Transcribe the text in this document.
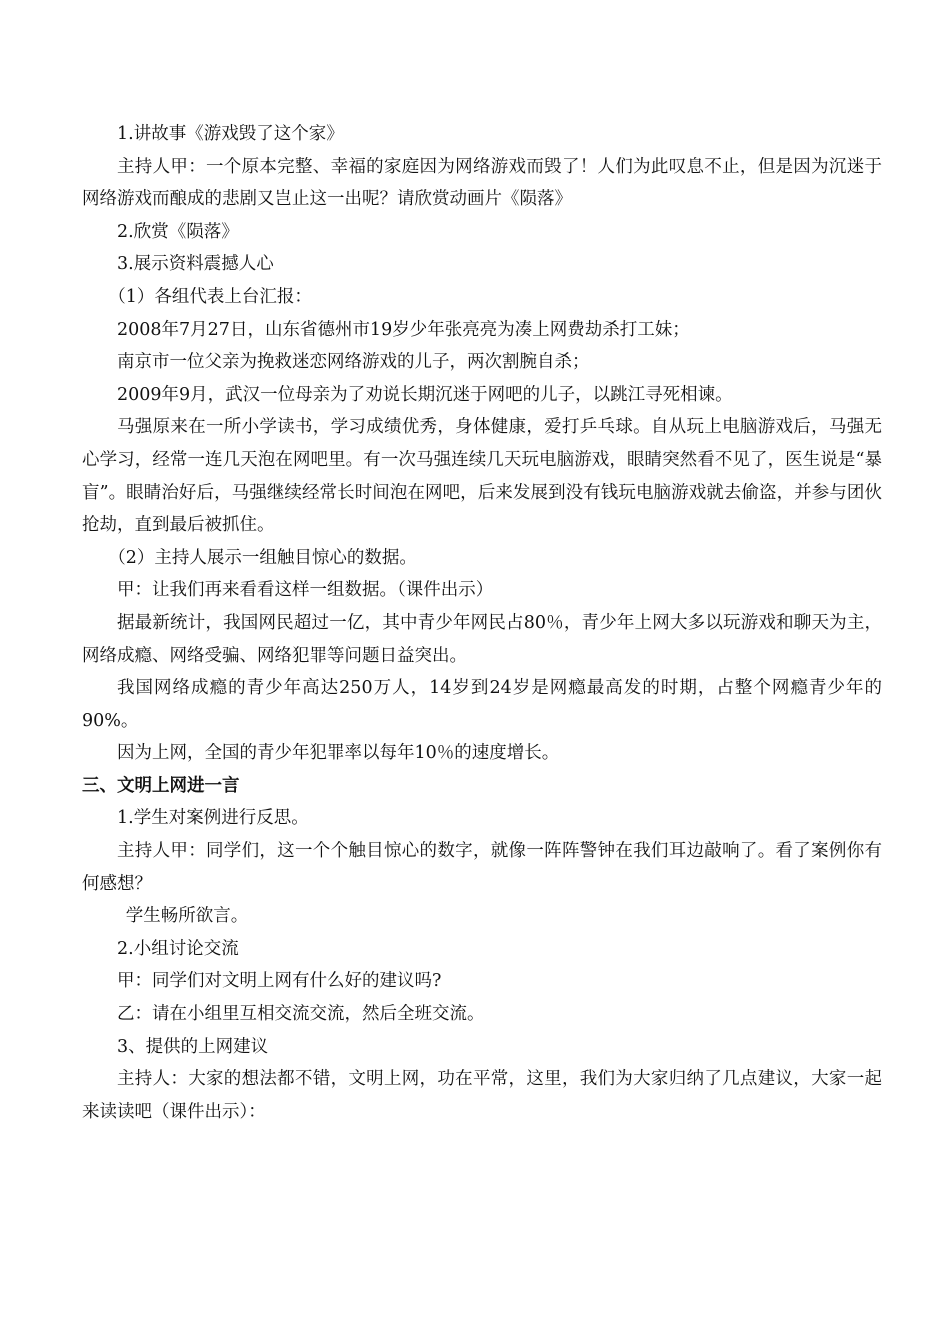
1.讲故事《游戏毁了这个家》

主持人甲：一个原本完整、幸福的家庭因为网络游戏而毁了！人们为此叹息不止，但是因为沉迷于网络游戏而酿成的悲剧又岂止这一出呢？请欣赏动画片《陨落》

2.欣赏《陨落》

3.展示资料震撼人心

（1）各组代表上台汇报：

2008年7月27日，山东省德州市19岁少年张亮亮为凑上网费劫杀打工妹；

南京市一位父亲为挽救迷恋网络游戏的儿子，两次割腕自杀；

2009年9月，武汉一位母亲为了劝说长期沉迷于网吧的儿子，以跳江寻死相谏。

马强原来在一所小学读书，学习成绩优秀，身体健康，爱打乒乓球。自从玩上电脑游戏后，马强无心学习，经常一连几天泡在网吧里。有一次马强连续几天玩电脑游戏，眼睛突然看不见了，医生说是“暴盲”。眼睛治好后，马强继续经常长时间泡在网吧，后来发展到没有钱玩电脑游戏就去偷盗，并参与团伙抢劫，直到最后被抓住。

（2）主持人展示一组触目惊心的数据。

甲：让我们再来看看这样一组数据。（课件出示）

据最新统计，我国网民超过一亿，其中青少年网民占80％，青少年上网大多以玩游戏和聊天为主，网络成瘾、网络受骗、网络犯罪等问题日益突出。

我国网络成瘾的青少年高达250万人，14岁到24岁是网瘾最高发的时期，占整个网瘾青少年的90%。

因为上网，全国的青少年犯罪率以每年10％的速度增长。

三、文明上网进一言

1.学生对案例进行反思。

主持人甲：同学们，这一个个触目惊心的数字，就像一阵阵警钟在我们耳边敲响了。看了案例你有何感想？

学生畅所欲言。

2.小组讨论交流

甲：同学们对文明上网有什么好的建议吗?

乙：请在小组里互相交流交流，然后全班交流。

3、提供的上网建议

主持人：大家的想法都不错，文明上网，功在平常，这里，我们为大家归纳了几点建议，大家一起来读读吧（课件出示）：
